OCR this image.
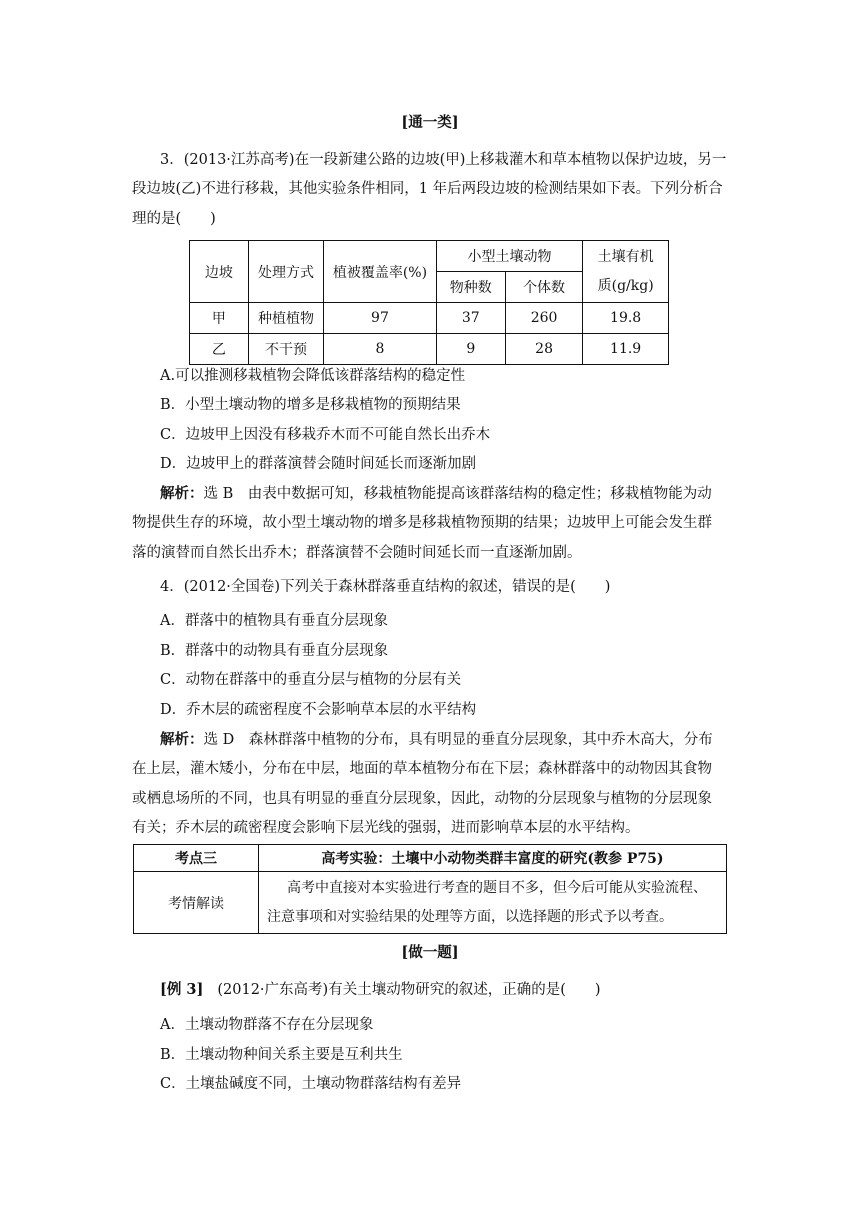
[通一类]
3．(2013·江苏高考)在一段新建公路的边坡(甲)上移栽灌木和草本植物以保护边坡，另一
段边坡(乙)不进行移栽，其他实验条件相同，1 年后两段边坡的检测结果如下表。下列分析合
理的是(　　)
边坡	处理方式	植被覆盖率(%)	小型土壤动物		土壤有机
质(g/kg)
			物种数	个体数	
甲	种植植物	97	37	260	19.8
乙	不干预	8	9	28	11.9
A.可以推测移栽植物会降低该群落结构的稳定性
B．小型土壤动物的增多是移栽植物的预期结果
C．边坡甲上因没有移栽乔木而不可能自然长出乔木
D．边坡甲上的群落演替会随时间延长而逐渐加剧
解析：选 B　由表中数据可知，移栽植物能提高该群落结构的稳定性；移栽植物能为动
物提供生存的环境，故小型土壤动物的增多是移栽植物预期的结果；边坡甲上可能会发生群
落的演替而自然长出乔木；群落演替不会随时间延长而一直逐渐加剧。
4．(2012·全国卷)下列关于森林群落垂直结构的叙述，错误的是(　　)
A．群落中的植物具有垂直分层现象
B．群落中的动物具有垂直分层现象
C．动物在群落中的垂直分层与植物的分层有关
D．乔木层的疏密程度不会影响草本层的水平结构
解析：选 D　森林群落中植物的分布，具有明显的垂直分层现象，其中乔木高大，分布
在上层，灌木矮小，分布在中层，地面的草本植物分布在下层；森林群落中的动物因其食物
或栖息场所的不同，也具有明显的垂直分层现象，因此，动物的分层现象与植物的分层现象
有关；乔木层的疏密程度会影响下层光线的强弱，进而影响草本层的水平结构。
考点三	高考实验：土壤中小动物类群丰富度的研究(教参 P75)
考情解读	高考中直接对本实验进行考查的题目不多，但今后可能从实验流程、
注意事项和对实验结果的处理等方面，以选择题的形式予以考查。
[做一题]
[例 3] (2012·广东高考)有关土壤动物研究的叙述，正确的是(　　)
A．土壤动物群落不存在分层现象
B．土壤动物种间关系主要是互利共生
C．土壤盐碱度不同，土壤动物群落结构有差异
